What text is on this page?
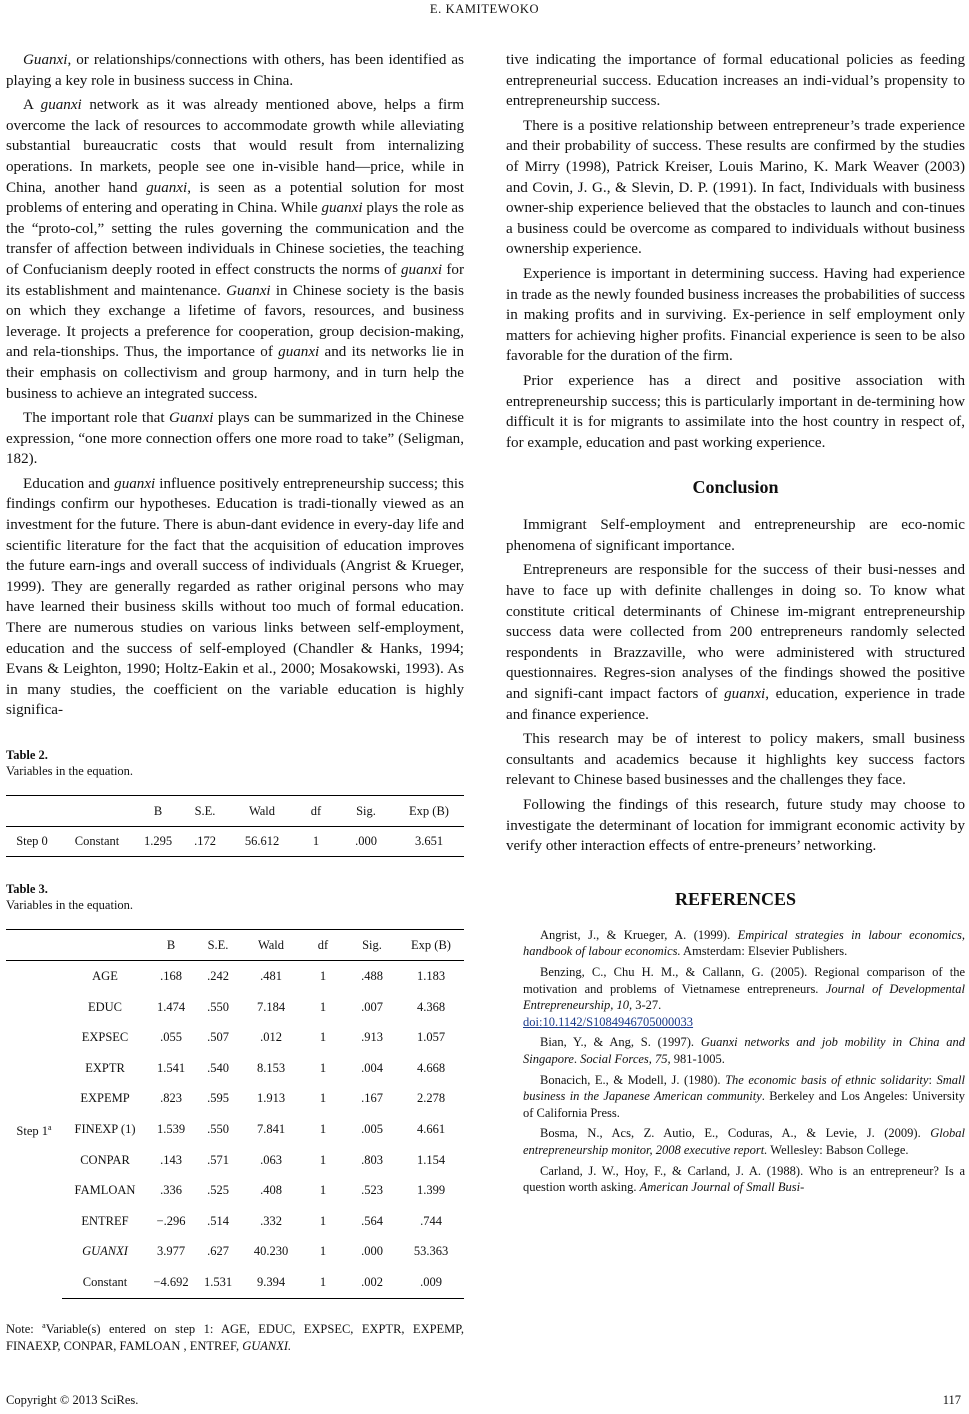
E. KAMITEWOKO

Guanxi, or relationships/connections with others, has been identified as playing a key role in business success in China.

A guanxi network as it was already mentioned above, helps a firm overcome the lack of resources to accommodate growth while alleviating substantial bureaucratic costs that would result from internalizing operations. In markets, people see one in-visible hand—price, while in China, another hand guanxi, is seen as a potential solution for most problems of entering and operating in China. While guanxi plays the role as the “proto-col,” setting the rules governing the communication and the transfer of affection between individuals in Chinese societies, the teaching of Confucianism deeply rooted in effect constructs the norms of guanxi for its establishment and maintenance. Guanxi in Chinese society is the basis on which they exchange a lifetime of favors, resources, and business leverage. It projects a preference for cooperation, group decision-making, and rela-tionships. Thus, the importance of guanxi and its networks lie in their emphasis on collectivism and group harmony, and in turn help the business to achieve an integrated success.

The important role that Guanxi plays can be summarized in the Chinese expression, “one more connection offers one more road to take” (Seligman, 182).

Education and guanxi influence positively entrepreneurship success; this findings confirm our hypotheses. Education is tradi-tionally viewed as an investment for the future. There is abun-dant evidence in every-day life and scientific literature for the fact that the acquisition of education improves the future earn-ings and overall success of individuals (Angrist & Krueger, 1999). They are generally regarded as rather original persons who may have learned their business skills without too much of formal education. There are numerous studies on various links between self-employment, education and the success of self-employed (Chandler & Hanks, 1994; Evans & Leighton, 1990; Holtz-Eakin et al., 2000; Mosakowski, 1993). As in many studies, the coefficient on the variable education is highly significa-

Table 2.
Variables in the equation.
		B	S.E.	Wald	df	Sig.	Exp (B)
Step 0	Constant	1.295	.172	56.612	1	.000	3.651
Table 3.
Variables in the equation.
		B	S.E.	Wald	df	Sig.	Exp (B)
Step 1$^a$	AGE	.168	.242	.481	1	.488	1.183
	EDUC	1.474	.550	7.184	1	.007	4.368
	EXPSEC	.055	.507	.012	1	.913	1.057
	EXPTR	1.541	.540	8.153	1	.004	4.668
	EXPEMP	.823	.595	1.913	1	.167	2.278
	FINEXP (1)	1.539	.550	7.841	1	.005	4.661
	CONPAR	.143	.571	.063	1	.803	1.154
	FAMLOAN	.336	.525	.408	1	.523	1.399
	ENTREF	−.296	.514	.332	1	.564	.744
	GUANXI	3.977	.627	40.230	1	.000	53.363
	Constant	−4.692	1.531	9.394	1	.002	.009
Note: $^a$Variable(s) entered on step 1: AGE, EDUC, EXPSEC, EXPTR, EXPEMP, FINAEXP, CONPAR, FAMLOAN , ENTREF, GUANXI.

tive indicating the importance of formal educational policies as feeding entrepreneurial success. Education increases an indi-vidual’s propensity to entrepreneurship success.

There is a positive relationship between entrepreneur’s trade experience and their probability of success. These results are confirmed by the studies of Mirry (1998), Patrick Kreiser, Louis Marino, K. Mark Weaver (2003) and Covin, J. G., & Slevin, D. P. (1991). In fact, Individuals with business owner-ship experience believed that the obstacles to launch and con-tinues a business could be overcome as compared to individuals without business ownership experience.

Experience is important in determining success. Having had experience in trade as the newly founded business increases the probabilities of success in making profits and in surviving. Ex-perience in self employment only matters for achieving higher profits. Financial experience is seen to be also favorable for the duration of the firm.

Prior experience has a direct and positive association with entrepreneurship success; this is particularly important in de-termining how difficult it is for migrants to assimilate into the host country in respect of, for example, education and past working experience.

Conclusion

Immigrant Self-employment and entrepreneurship are eco-nomic phenomena of significant importance.

Entrepreneurs are responsible for the success of their busi-nesses and have to face up with definite challenges in doing so. To know what constitute critical determinants of Chinese im-migrant entrepreneurship success data were collected from 200 entrepreneurs randomly selected respondents in Brazzaville, who were administered with structured questionnaires. Regres-sion analyses of the findings showed the positive and signifi-cant impact factors of guanxi, education, experience in trade and finance experience.

This research may be of interest to policy makers, small business consultants and academics because it highlights key success factors relevant to Chinese based businesses and the challenges they face.

Following the findings of this research, future study may choose to investigate the determinant of location for immigrant economic activity by verify other interaction effects of entre-preneurs’ networking.

REFERENCES

Angrist, J., & Krueger, A. (1999). Empirical strategies in labour economics, handbook of labour economics. Amsterdam: Elsevier Publishers.

Benzing, C., Chu H. M., & Callann, G. (2005). Regional comparison of the motivation and problems of Vietnamese entrepreneurs. Journal of Developmental Entrepreneurship, 10, 3-27.
doi:10.1142/S1084946705000033

Bian, Y., & Ang, S. (1997). Guanxi networks and job mobility in China and Singapore. Social Forces, 75, 981-1005.

Bonacich, E., & Modell, J. (1980). The economic basis of ethnic solidarity: Small business in the Japanese American community. Berkeley and Los Angeles: University of California Press.

Bosma, N., Acs, Z. Autio, E., Coduras, A., & Levie, J. (2009). Global entrepreneurship monitor, 2008 executive report. Wellesley: Babson College.

Carland, J. W., Hoy, F., & Carland, J. A. (1988). Who is an entrepreneur? Is a question worth asking. American Journal of Small Busi-

Copyright © 2013 SciRes.	117
